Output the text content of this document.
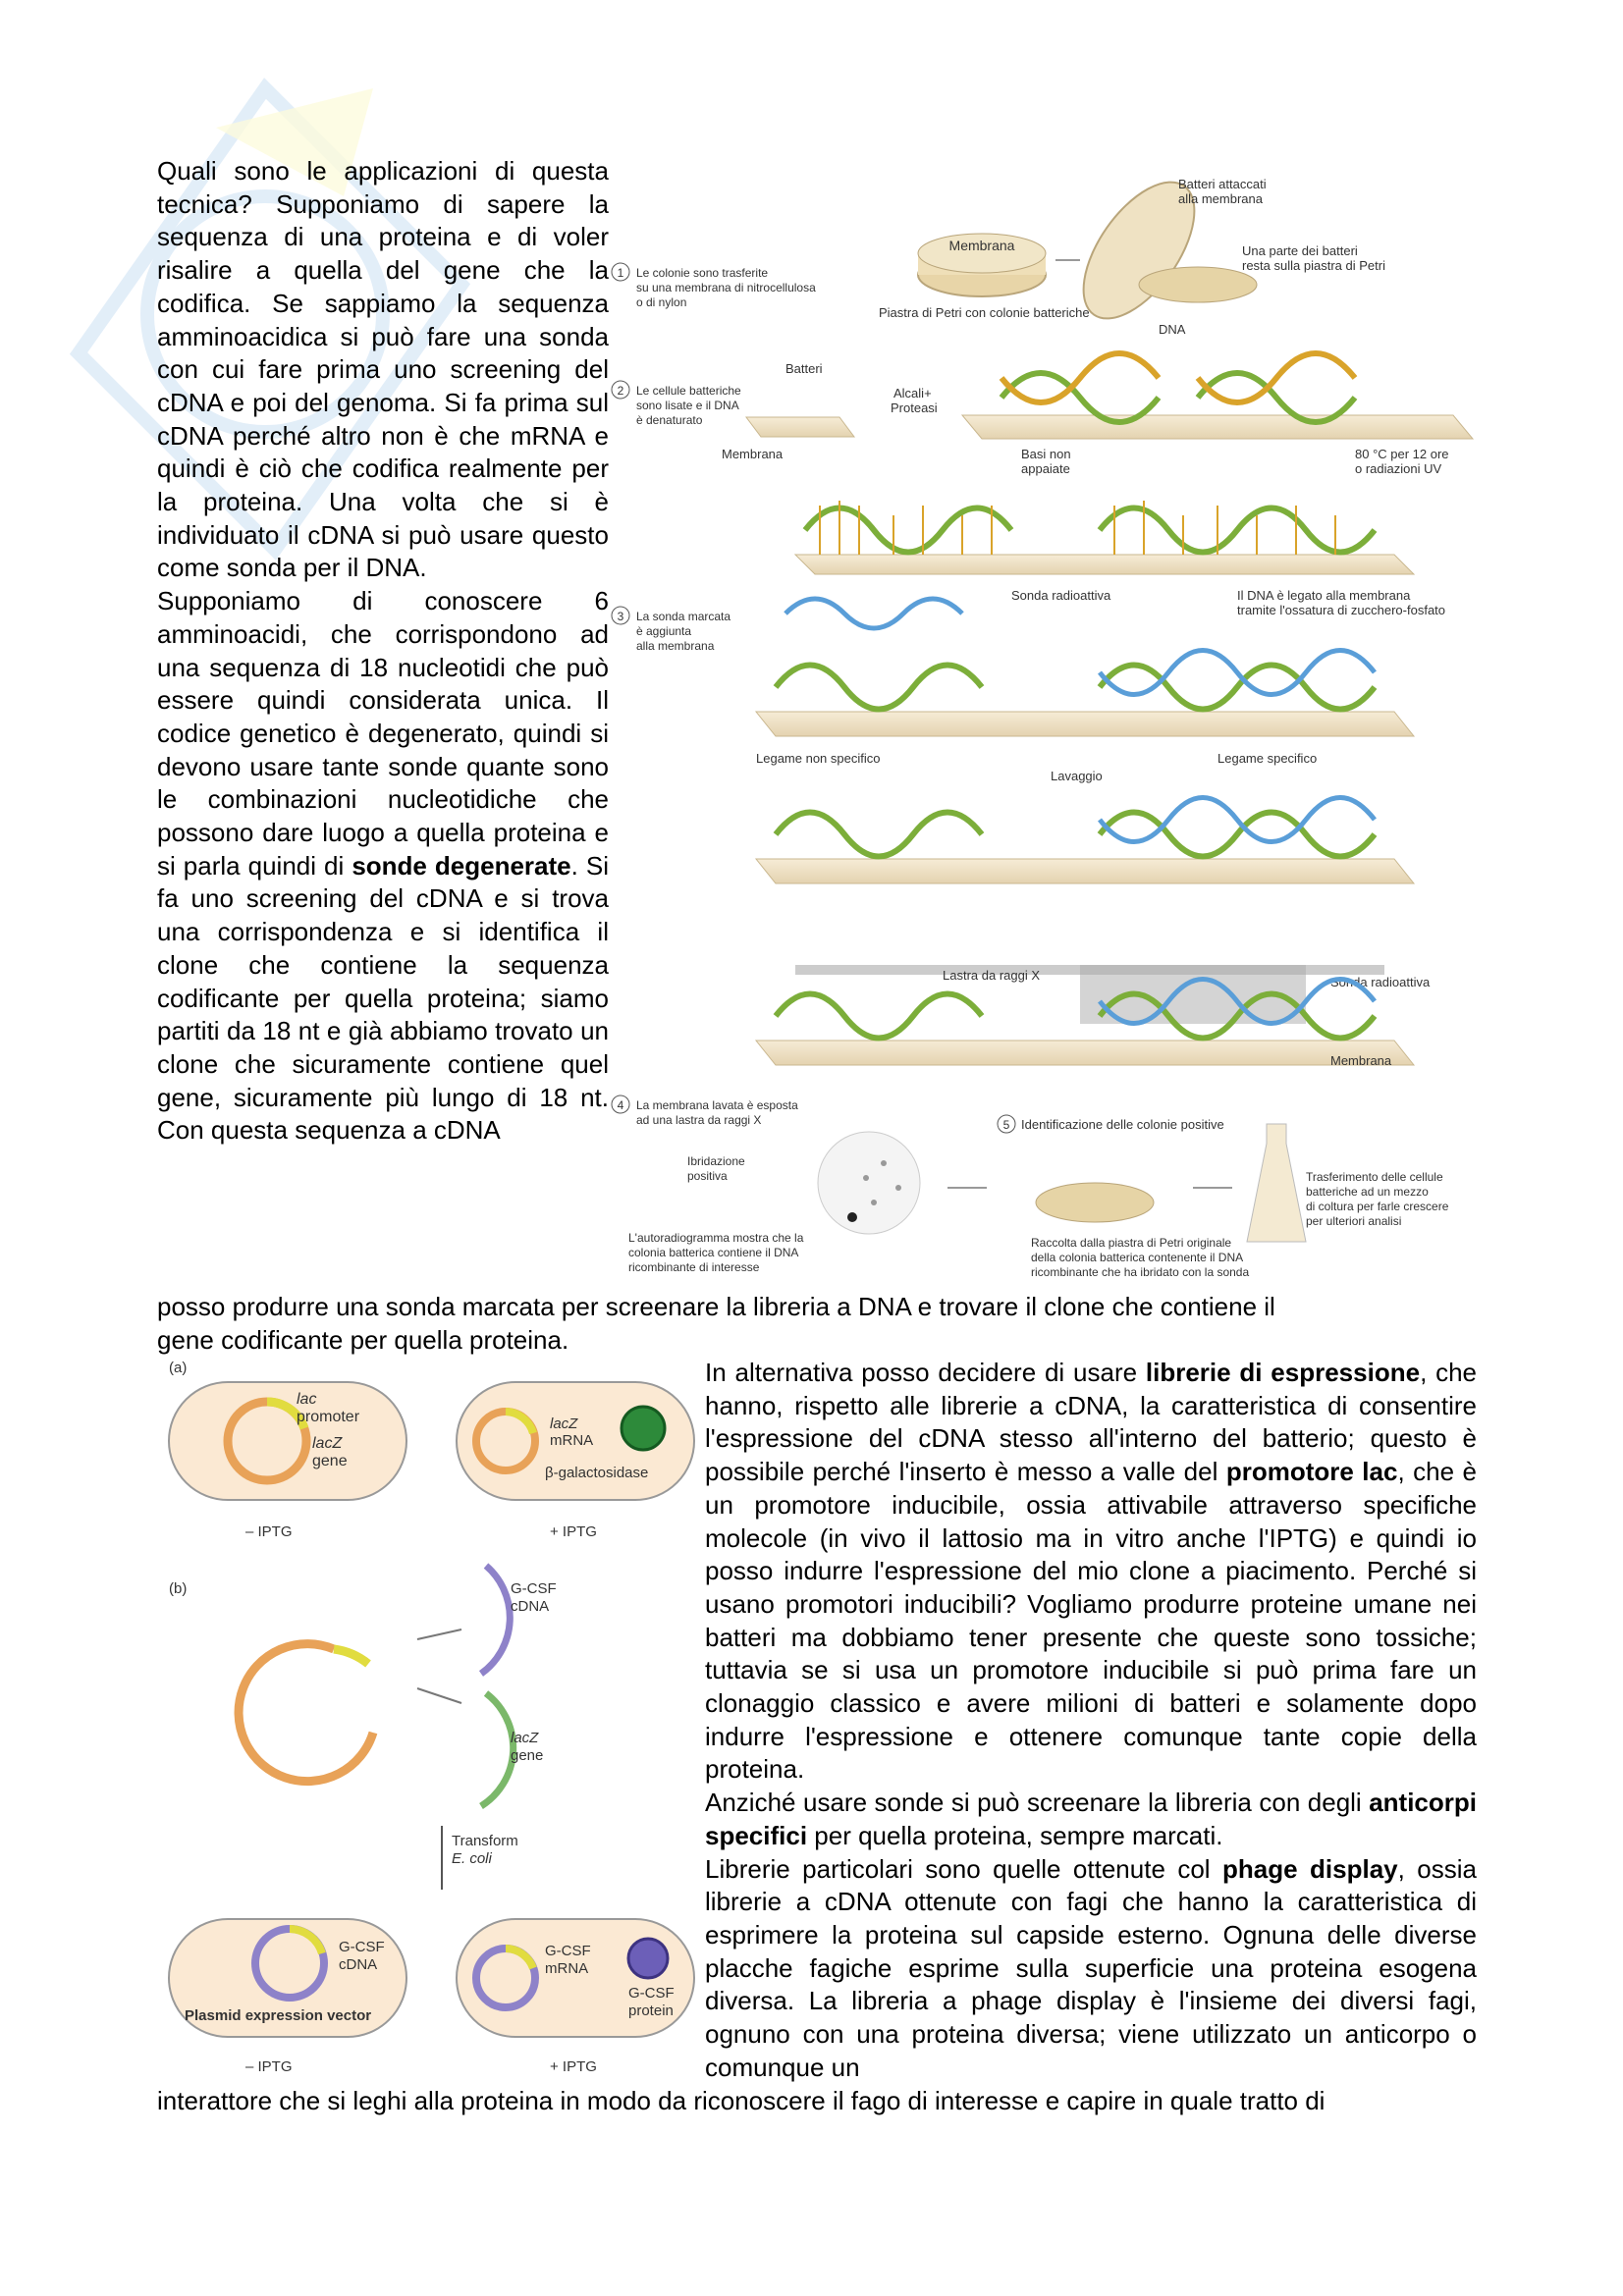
Quali sono le applicazioni di questa tecnica? Supponiamo di sapere la sequenza di una proteina e di voler risalire a quella del gene che la codifica. Se sappiamo la sequenza amminoacidica si può fare una sonda con cui fare prima uno screening del cDNA e poi del genoma. Si fa prima sul cDNA perché altro non è che mRNA e quindi è ciò che codifica realmente per la proteina. Una volta che si è individuato il cDNA si può usare questo come sonda per il DNA.
Supponiamo di conoscere 6 amminoacidi, che corrispondono ad una sequenza di 18 nucleotidi che può essere quindi considerata unica. Il codice genetico è degenerato, quindi si devono usare tante sonde quante sono le combinazioni nucleotidiche che possono dare luogo a quella proteina e si parla quindi di sonde degenerate. Si fa uno screening del cDNA e si trova una corrispondenza e si identifica il clone che contiene la sequenza codificante per quella proteina; siamo partiti da 18 nt e già abbiamo trovato un clone che sicuramente contiene quel gene, sicuramente più lungo di 18 nt. Con questa sequenza a cDNA
posso produrre una sonda marcata per screenare la libreria a DNA e trovare il clone che contiene il
gene codificante per quella proteina.
In alternativa posso decidere di usare librerie di espressione, che hanno, rispetto alle librerie a cDNA, la caratteristica di consentire l'espressione del cDNA stesso all'interno del batterio; questo è possibile perché l'inserto è messo a valle del promotore lac, che è un promotore inducibile, ossia attivabile attraverso specifiche molecole (in vivo il lattosio ma in vitro anche l'IPTG) e quindi io posso indurre l'espressione del mio clone a piacimento. Perché si usano promotori inducibili? Vogliamo produrre proteine umane nei batteri ma dobbiamo tener presente che queste sono tossiche; tuttavia se si usa un promotore inducibile si può prima fare un clonaggio classico e avere milioni di batteri e solamente dopo indurre l'espressione e ottenere comunque tante copie della proteina.
Anziché usare sonde si può screenare la libreria con degli anticorpi specifici per quella proteina, sempre marcati.
Librerie particolari sono quelle ottenute col phage display, ossia librerie a cDNA ottenute con fagi che hanno la caratteristica di esprimere la proteina sul capside esterno. Ognuna delle diverse placche fagiche esprime sulla superficie una proteina esogena diversa. La libreria a phage display è l'insieme dei diversi fagi, ognuno con una proteina diversa; viene utilizzato un anticorpo o comunque un
interattore che si leghi alla proteina in modo da riconoscere il fago di interesse e capire in quale tratto di
Membrana
Batteri attaccati
alla membrana
Una parte dei batteri
resta sulla piastra di Petri
1 Le colonie sono trasferite
su una membrana di nitrocellulosa
o di nylon
Piastra di Petri con colonie batteriche
DNA
2 Le cellule batteriche
sono lisate e il DNA
è denaturato
Batteri
Alcali+
Proteasi
Membrana	Basi non
appaiate
80 °C per 12 ore
o radiazioni UV
3 La sonda marcata
è aggiunta
alla membrana
Sonda radioattiva	Il DNA è legato alla membrana
tramite l'ossatura di zucchero-fosfato
Legame non specifico
Lavaggio
Legame specifico
Lastra da raggi X	Sonda radioattiva
Membrana
4 La membrana lavata è esposta
ad una lastra da raggi X	5 Identificazione delle colonie positive
Ibridazione
positiva
L'autoradiogramma mostra che la
colonia batterica contiene il DNA
ricombinante di interesse
Raccolta dalla piastra di Petri originale
della colonia batterica contenente il DNA
ricombinante che ha ibridato con la sonda
Trasferimento delle cellule
batteriche ad un mezzo
di coltura per farle crescere
per ulteriori analisi
(a)
lac
promoter
lacZ
gene
– IPTG
lacZ
mRNA
β-galactosidase
+ IPTG
(b)	G-CSF
cDNA
lacZ
gene
Transform
E. coli
G-CSF
cDNA
Plasmid expression vector
– IPTG
G-CSF
mRNA
G-CSF
protein
+ IPTG
